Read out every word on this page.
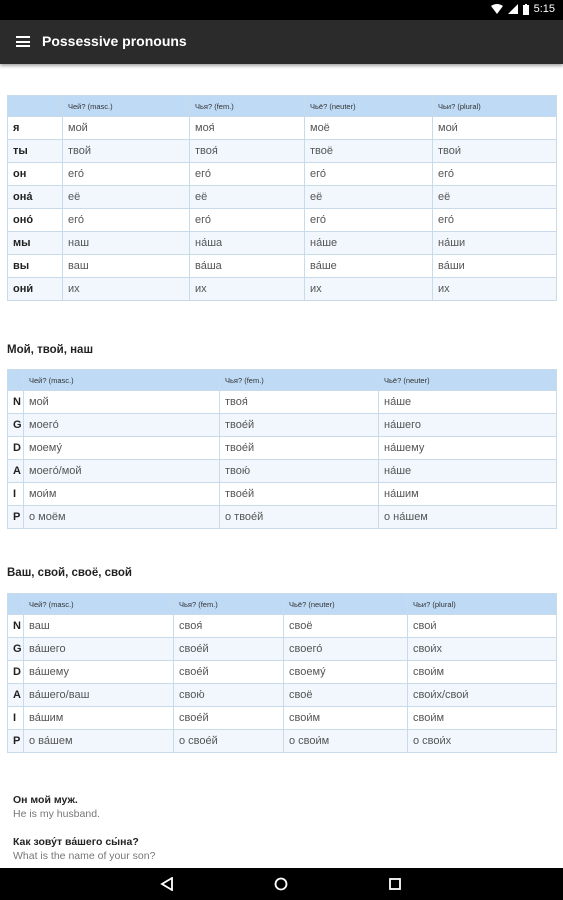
5:15
Possessive pronouns
	Чей? (masc.)	Чья? (fem.)	Чьё? (neuter)	Чьи? (plural)
я	мой	моя́	моё	мои́
ты	твой	твоя́	твоё	твои́
он	его́	его́	его́	его́
она́	её	её	её	её
оно́	его́	его́	его́	его́
мы	наш	на́ша	на́ше	на́ши
вы	ваш	ва́ша	ва́ше	ва́ши
они́	их	их	их	их
Мой, твой, наш
	Чей? (masc.)	Чья? (fem.)	Чьё? (neuter)
N	мой	твоя́	на́ше
G	моего́	твое́й	на́шего
D	моему́	твое́й	на́шему
A	моего́/мой	твою́	на́ше
I	мои́м	твое́й	на́шим
P	о моём	о твое́й	о на́шем
Ваш, свой, своё, свой
	Чей? (masc.)	Чья? (fem.)	Чьё? (neuter)	Чьи? (plural)
N	ваш	своя́	своё	свои́
G	ва́шего	свое́й	своего́	свои́х
D	ва́шему	свое́й	своему́	свои́м
A	ва́шего/ваш	свою́	своё	свои́х/свои́
I	ва́шим	свое́й	свои́м	свои́м
P	о ва́шем	о свое́й	о свои́м	о свои́х
Он мой муж.
He is my husband.
Как зову́т ва́шего сы́на?
What is the name of your son?
